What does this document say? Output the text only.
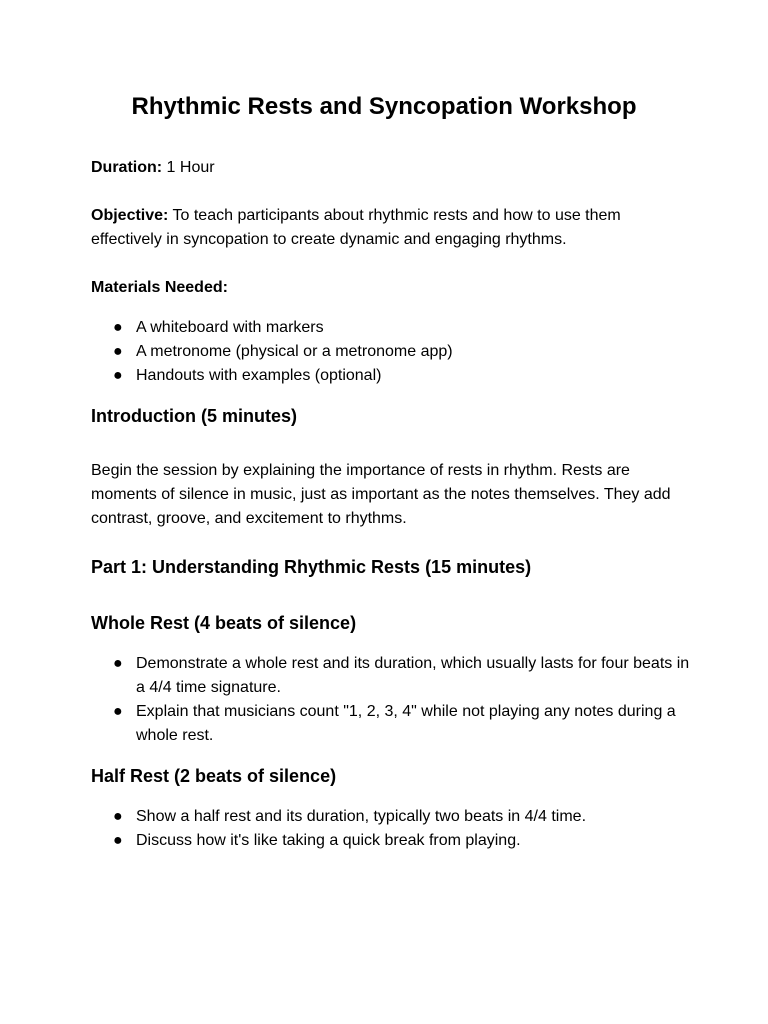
Rhythmic Rests and Syncopation Workshop

Duration: 1 Hour

Objective: To teach participants about rhythmic rests and how to use them effectively in syncopation to create dynamic and engaging rhythms.

Materials Needed:

● A whiteboard with markers
● A metronome (physical or a metronome app)
● Handouts with examples (optional)
Introduction (5 minutes)

Begin the session by explaining the importance of rests in rhythm. Rests are moments of silence in music, just as important as the notes themselves. They add contrast, groove, and excitement to rhythms.

Part 1: Understanding Rhythmic Rests (15 minutes)
Whole Rest (4 beats of silence)
● Demonstrate a whole rest and its duration, which usually lasts for four beats in a 4/4 time signature.
● Explain that musicians count "1, 2, 3, 4" while not playing any notes during a whole rest.
Half Rest (2 beats of silence)
● Show a half rest and its duration, typically two beats in 4/4 time.
● Discuss how it's like taking a quick break from playing.
